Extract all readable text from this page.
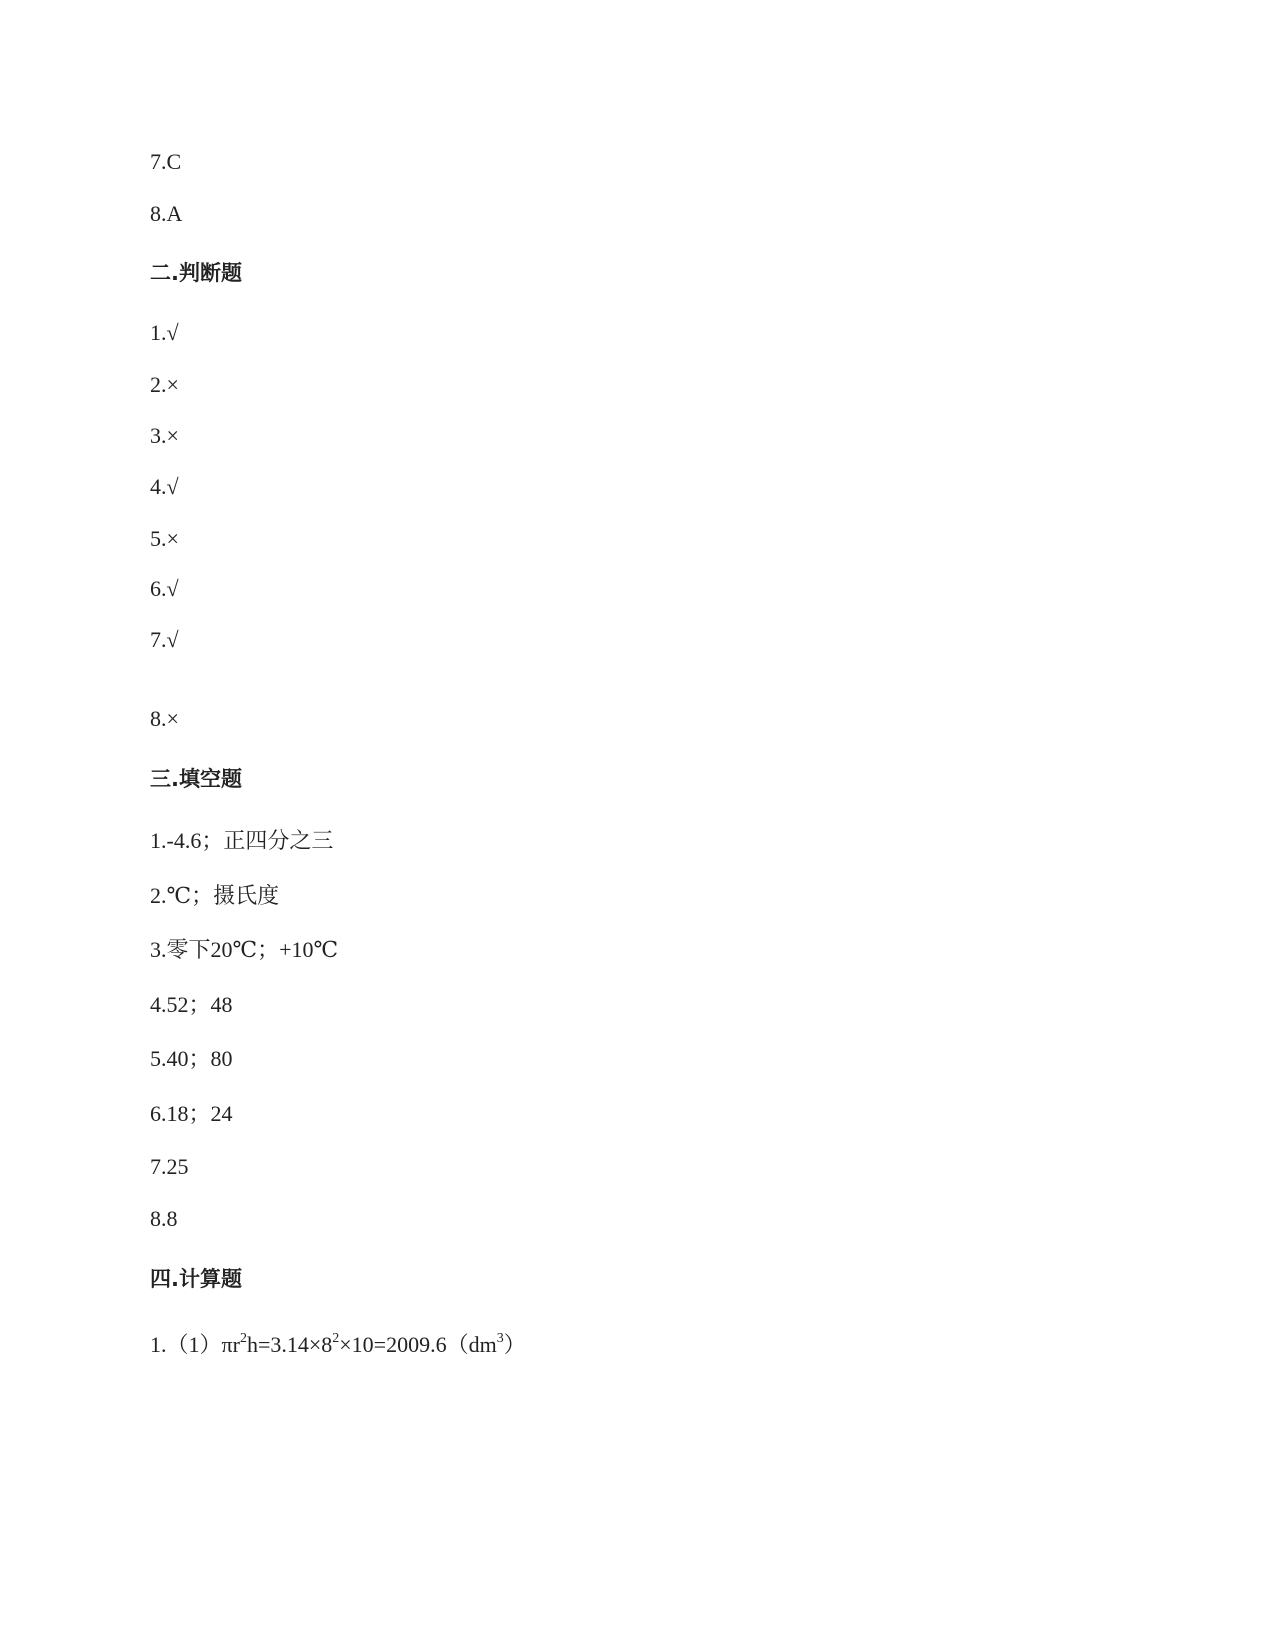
7.C
8.A
二.判断题
1.√
2.×
3.×
4.√
5.×
6.√
7.√
8.×
三.填空题
1.-4.6；正四分之三
2.℃；摄氏度
3.零下20℃；+10℃
4.52；48
5.40；80
6.18；24
7.25
8.8
四.计算题
$1.(1)\pi r^2h=3.14\times 8^2\times 10=2009.6(dm^3)$
